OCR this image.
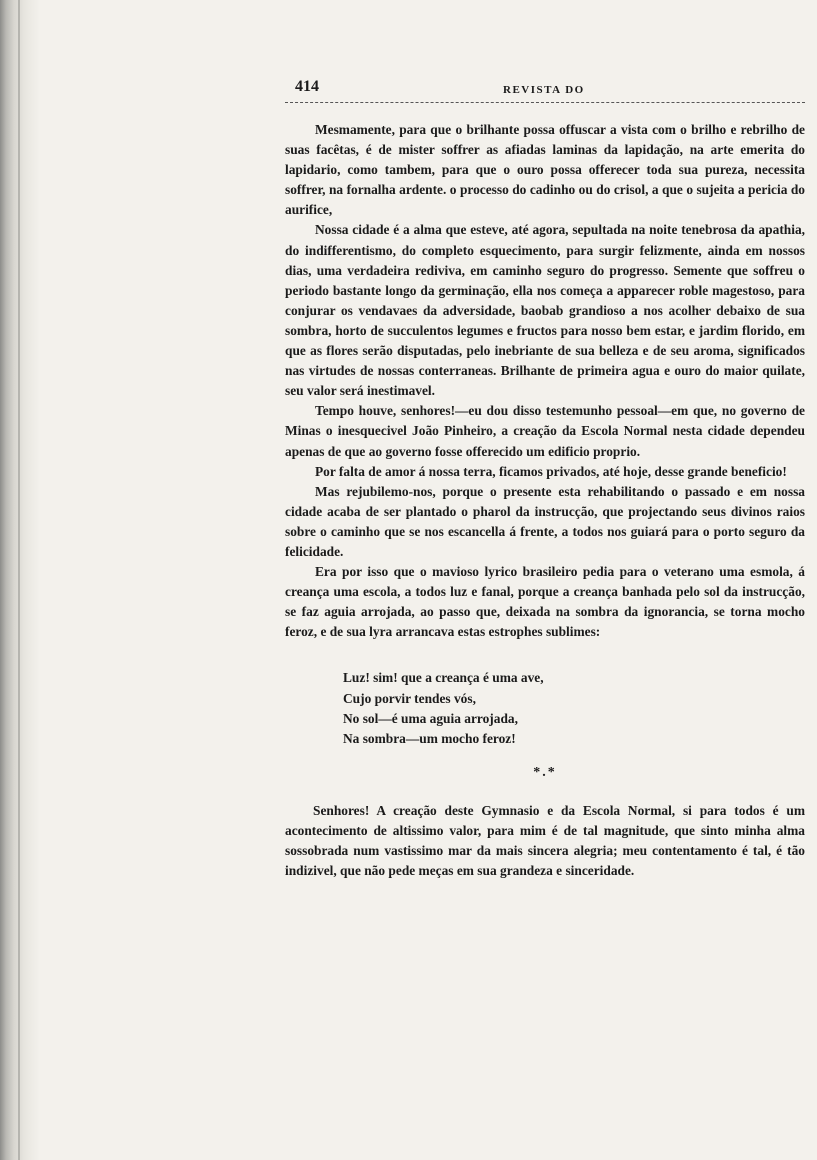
414	REVISTA DO

Mesmamente, para que o brilhante possa offuscar a vista com o brilho e rebrilho de suas facêtas, é de mister soffrer as afiadas laminas da lapidação, na arte emerita do lapidario, como tambem, para que o ouro possa offerecer toda sua pureza, necessita soffrer, na fornalha ardente. o processo do cadinho ou do crisol, a que o sujeita a pericia do aurifice,

Nossa cidade é a alma que esteve, até agora, sepultada na noite tenebrosa da apathia, do indifferentismo, do completo esquecimento, para surgir felizmente, ainda em nossos dias, uma verdadeira rediviva, em caminho seguro do progresso. Semente que soffreu o periodo bastante longo da germinação, ella nos começa a apparecer roble magestoso, para conjurar os vendavaes da adversidade, baobab grandioso a nos acolher debaixo de sua sombra, horto de succulentos legumes e fructos para nosso bem estar, e jardim florido, em que as flores serão disputadas, pelo inebriante de sua belleza e de seu aroma, significados nas virtudes de nossas conterraneas. Brilhante de primeira agua e ouro do maior quilate, seu valor será inestimavel.

Tempo houve, senhores!—eu dou disso testemunho pessoal—em que, no governo de Minas o inesquecivel João Pinheiro, a creação da Escola Normal nesta cidade dependeu apenas de que ao governo fosse offerecido um edificio proprio.

Por falta de amor á nossa terra, ficamos privados, até hoje, desse grande beneficio!

Mas rejubilemo-nos, porque o presente esta rehabilitando o passado e em nossa cidade acaba de ser plantado o pharol da instrucção, que projectando seus divinos raios sobre o caminho que se nos escancella á frente, a todos nos guiará para o porto seguro da felicidade.

Era por isso que o mavioso lyrico brasileiro pedia para o veterano uma esmola, á creança uma escola, a todos luz e fanal, porque a creança banhada pelo sol da instrucção, se faz aguia arrojada, ao passo que, deixada na sombra da ignorancia, se torna mocho feroz, e de sua lyra arrancava estas estrophes sublimes:

Luz! sim! que a creança é uma ave,
Cujo porvir tendes vós,
No sol—é uma aguia arrojada,
Na sombra—um mocho feroz!
*.*

Senhores! A creação deste Gymnasio e da Escola Normal, si para todos é um acontecimento de altissimo valor, para mim é de tal magnitude, que sinto minha alma sossobrada num vastissimo mar da mais sincera alegria; meu contentamento é tal, é tão indizivel, que não pede meças em sua grandeza e sinceridade.
